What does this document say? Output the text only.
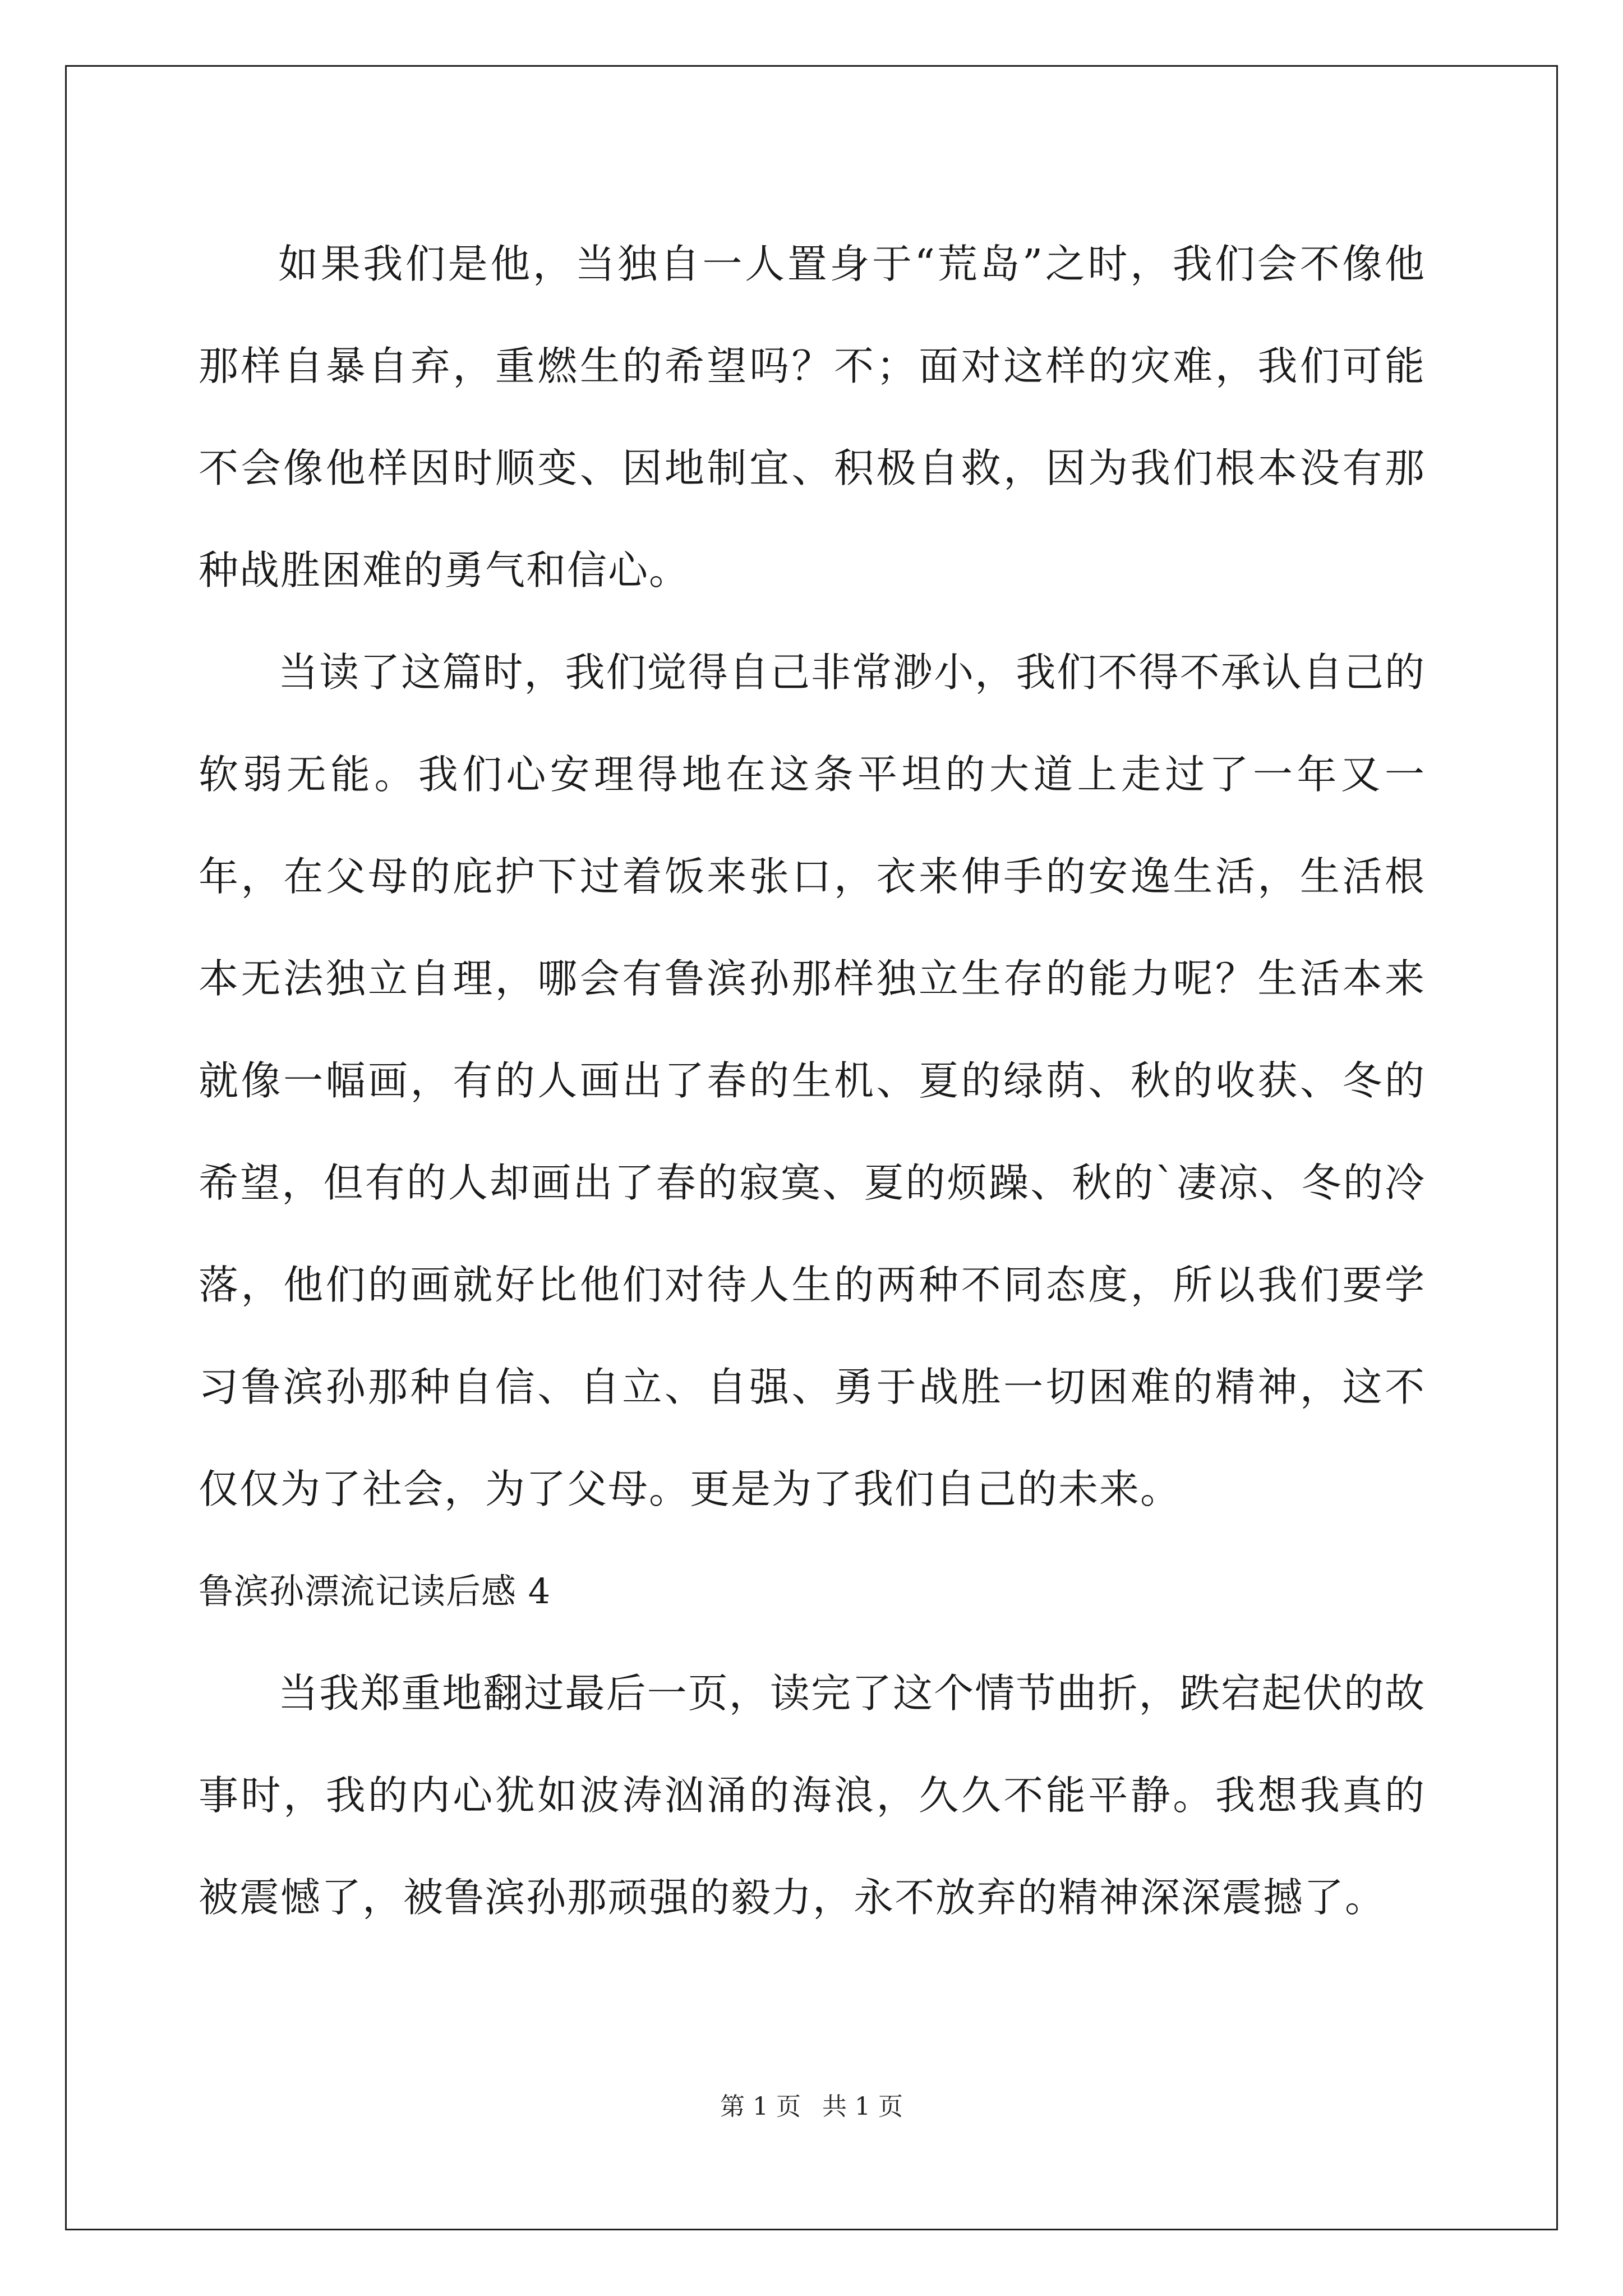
如果我们是他，当独自一人置身于“荒岛”之时，我们会不像他那样自暴自弃，重燃生的希望吗？不；面对这样的灾难，我们可能不会像他样因时顺变、因地制宜、积极自救，因为我们根本没有那种战胜困难的勇气和信心。

当读了这篇时，我们觉得自己非常渺小，我们不得不承认自己的软弱无能。我们心安理得地在这条平坦的大道上走过了一年又一年，在父母的庇护下过着饭来张口，衣来伸手的安逸生活，生活根本无法独立自理，哪会有鲁滨孙那样独立生存的能力呢？生活本来就像一幅画，有的人画出了春的生机、夏的绿荫、秋的收获、冬的希望，但有的人却画出了春的寂寞、夏的烦躁、秋的`凄凉、冬的冷落，他们的画就好比他们对待人生的两种不同态度，所以我们要学习鲁滨孙那种自信、自立、自强、勇于战胜一切困难的精神，这不仅仅为了社会，为了父母。更是为了我们自己的未来。

鲁滨孙漂流记读后感 4

当我郑重地翻过最后一页，读完了这个情节曲折，跌宕起伏的故事时，我的内心犹如波涛汹涌的海浪，久久不能平静。我想我真的被震憾了，被鲁滨孙那顽强的毅力，永不放弃的精神深深震撼了。

第 1 页 共 1 页
